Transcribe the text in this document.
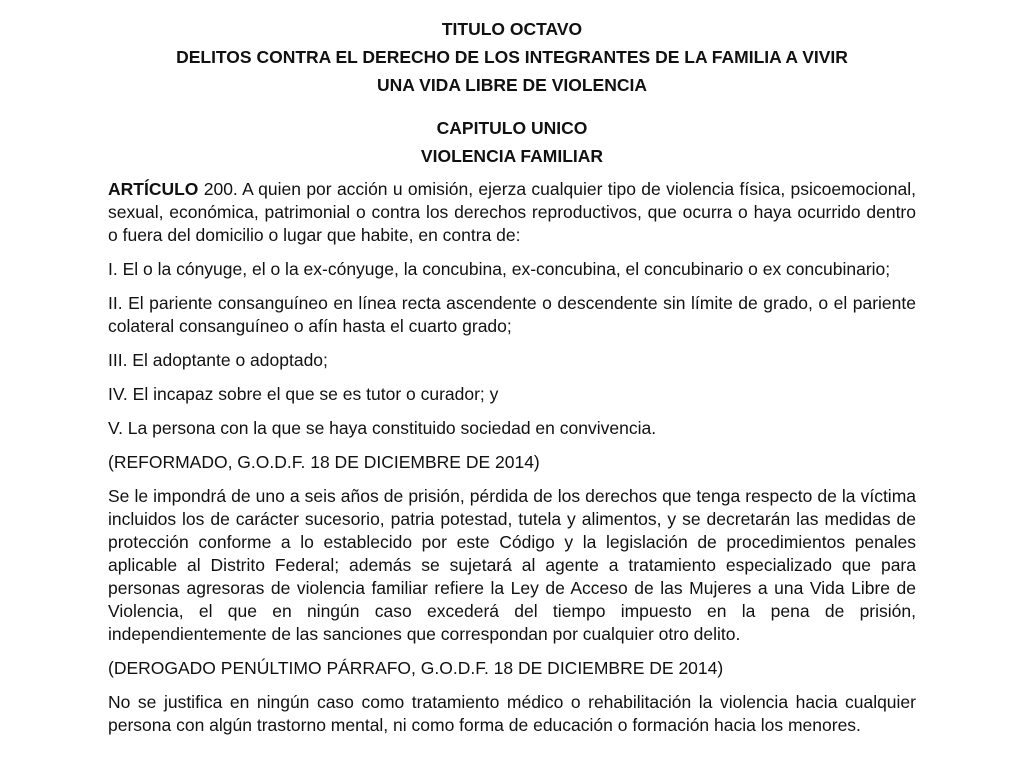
TITULO OCTAVO
DELITOS CONTRA EL DERECHO DE LOS INTEGRANTES DE LA FAMILIA A VIVIR
UNA VIDA LIBRE DE VIOLENCIA
CAPITULO UNICO
VIOLENCIA FAMILIAR

ARTÍCULO 200. A quien por acción u omisión, ejerza cualquier tipo de violencia física, psicoemocional, sexual, económica, patrimonial o contra los derechos reproductivos, que ocurra o haya ocurrido dentro o fuera del domicilio o lugar que habite, en contra de:

I. El o la cónyuge, el o la ex-cónyuge, la concubina, ex-concubina, el concubinario o ex concubinario;

II. El pariente consanguíneo en línea recta ascendente o descendente sin límite de grado, o el pariente colateral consanguíneo o afín hasta el cuarto grado;

III. El adoptante o adoptado;

IV. El incapaz sobre el que se es tutor o curador; y

V. La persona con la que se haya constituido sociedad en convivencia.

(REFORMADO, G.O.D.F. 18 DE DICIEMBRE DE 2014)

Se le impondrá de uno a seis años de prisión, pérdida de los derechos que tenga respecto de la víctima incluidos los de carácter sucesorio, patria potestad, tutela y alimentos, y se decretarán las medidas de protección conforme a lo establecido por este Código y la legislación de procedimientos penales aplicable al Distrito Federal; además se sujetará al agente a tratamiento especializado que para personas agresoras de violencia familiar refiere la Ley de Acceso de las Mujeres a una Vida Libre de Violencia, el que en ningún caso excederá del tiempo impuesto en la pena de prisión, independientemente de las sanciones que correspondan por cualquier otro delito.

(DEROGADO PENÚLTIMO PÁRRAFO, G.O.D.F. 18 DE DICIEMBRE DE 2014)

No se justifica en ningún caso como tratamiento médico o rehabilitación la violencia hacia cualquier persona con algún trastorno mental, ni como forma de educación o formación hacia los menores.
